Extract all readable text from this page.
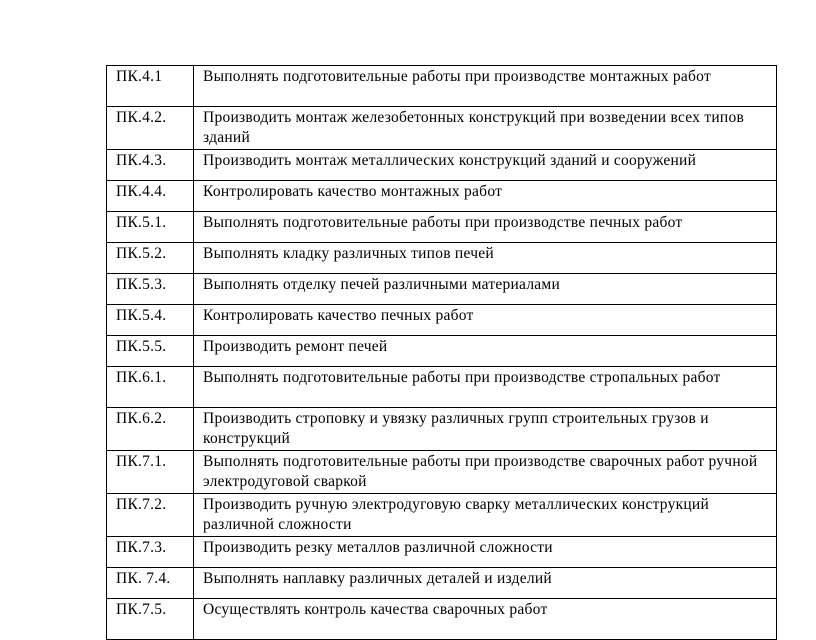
ПК.4.1	Выполнять подготовительные работы при производстве монтажных работ
ПК.4.2.	Производить монтаж железобетонных конструкций при возведении всех типов зданий
ПК.4.3.	Производить монтаж металлических конструкций зданий и сооружений
ПК.4.4.	Контролировать качество монтажных работ
ПК.5.1.	Выполнять подготовительные работы при производстве печных работ
ПК.5.2.	Выполнять кладку различных типов печей
ПК.5.3.	Выполнять отделку печей различными материалами
ПК.5.4.	Контролировать качество печных работ
ПК.5.5.	Производить ремонт печей
ПК.6.1.	Выполнять подготовительные работы при производстве стропальных работ
ПК.6.2.	Производить строповку и увязку различных групп строительных грузов и конструкций
ПК.7.1.	Выполнять подготовительные работы при производстве сварочных работ ручной электродуговой сваркой
ПК.7.2.	Производить ручную электродуговую сварку металлических конструкций различной сложности
ПК.7.3.	Производить резку металлов различной сложности
ПК. 7.4.	Выполнять наплавку различных деталей и изделий
ПК.7.5.	Осуществлять контроль качества сварочных работ
